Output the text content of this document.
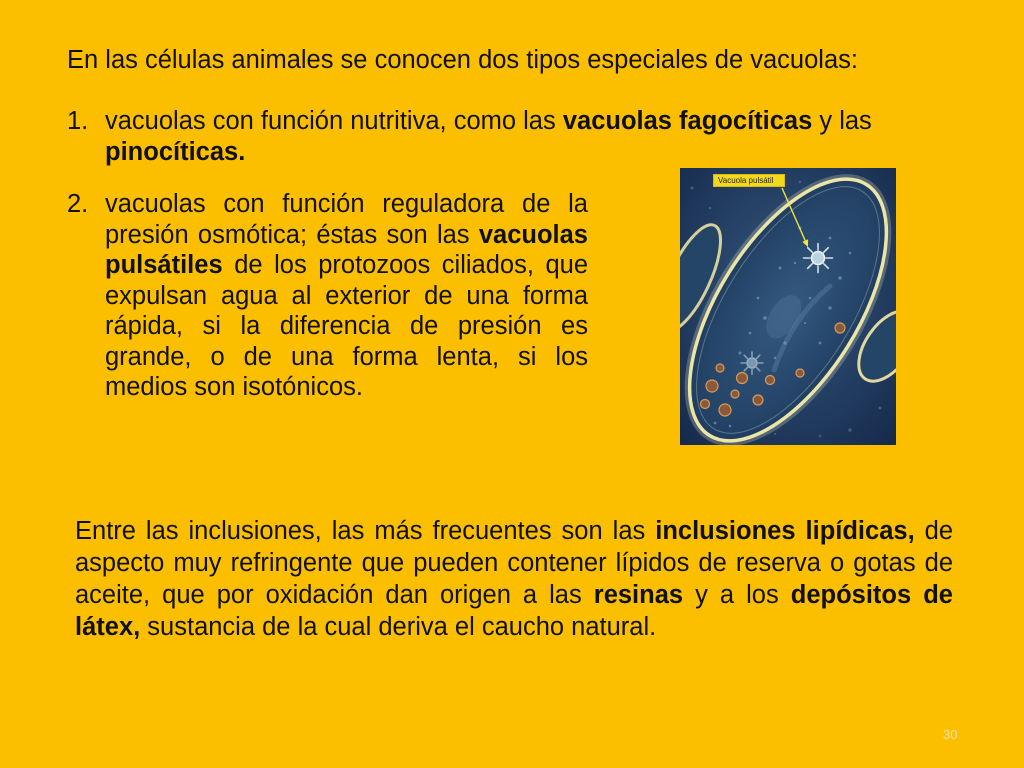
En las células animales se conocen dos tipos especiales de vacuolas:
1. vacuolas con función nutritiva, como las vacuolas fagocíticas y las pinocíticas.
2. vacuolas con función reguladora de la presión osmótica; éstas son las vacuolas pulsátiles de los protozoos ciliados, que expulsan agua al exterior de una forma rápida, si la diferencia de presión es grande, o de una forma lenta, si los medios son isotónicos.
Vacuola pulsátil

Entre las inclusiones, las más frecuentes son las inclusiones lipídicas, de aspecto muy refringente que pueden contener lípidos de reserva o gotas de aceite, que por oxidación dan origen a las resinas y a los depósitos de látex, sustancia de la cual deriva el caucho natural.

30
